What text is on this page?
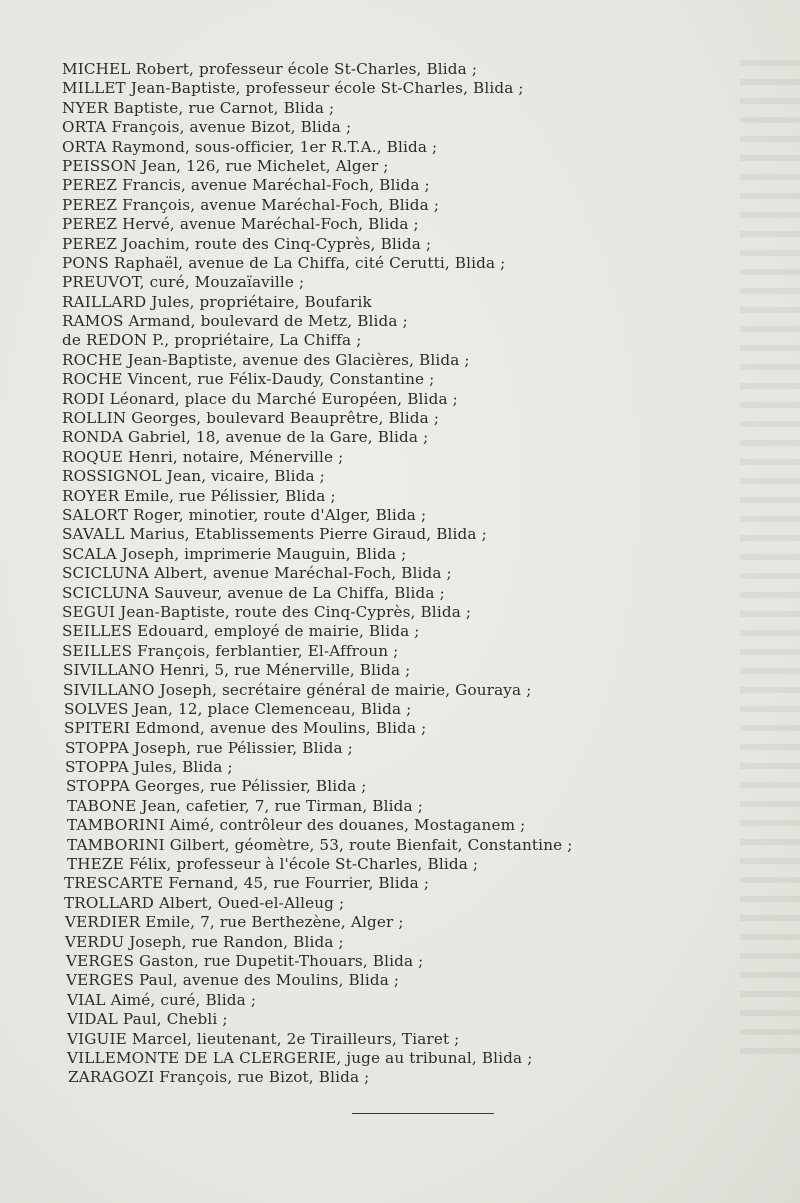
MICHEL Robert, professeur école St-Charles, Blida ;
MILLET Jean-Baptiste, professeur école St-Charles, Blida ;
NYER Baptiste, rue Carnot, Blida ;
ORTA François, avenue Bizot, Blida ;
ORTA Raymond, sous-officier, 1er R.T.A., Blida ;
PEISSON Jean, 126, rue Michelet, Alger ;
PEREZ Francis, avenue Maréchal-Foch, Blida ;
PEREZ François, avenue Maréchal-Foch, Blida ;
PEREZ Hervé, avenue Maréchal-Foch, Blida ;
PEREZ Joachim, route des Cinq-Cyprès, Blida ;
PONS Raphaël, avenue de La Chiffa, cité Cerutti, Blida ;
PREUVOT, curé, Mouzaïaville ;
RAILLARD Jules, propriétaire, Boufarik
RAMOS Armand, boulevard de Metz, Blida ;
de REDON P., propriétaire, La Chiffa ;
ROCHE Jean-Baptiste, avenue des Glacières, Blida ;
ROCHE Vincent, rue Félix-Daudy, Constantine ;
RODI Léonard, place du Marché Européen, Blida ;
ROLLIN Georges, boulevard Beauprêtre, Blida ;
RONDA Gabriel, 18, avenue de la Gare, Blida ;
ROQUE Henri, notaire, Ménerville ;
ROSSIGNOL Jean, vicaire, Blida ;
ROYER Emile, rue Pélissier, Blida ;
SALORT Roger, minotier, route d'Alger, Blida ;
SAVALL Marius, Etablissements Pierre Giraud, Blida ;
SCALA Joseph, imprimerie Mauguin, Blida ;
SCICLUNA Albert, avenue Maréchal-Foch, Blida ;
SCICLUNA Sauveur, avenue de La Chiffa, Blida ;
SEGUI Jean-Baptiste, route des Cinq-Cyprès, Blida ;
SEILLES Edouard, employé de mairie, Blida ;
SEILLES François, ferblantier, El-Affroun ;
SIVILLANO Henri, 5, rue Ménerville, Blida ;
SIVILLANO Joseph, secrétaire général de mairie, Gouraya ;
SOLVES Jean, 12, place Clemenceau, Blida ;
SPITERI Edmond, avenue des Moulins, Blida ;
STOPPA Joseph, rue Pélissier, Blida ;
STOPPA Jules, Blida ;
STOPPA Georges, rue Pélissier, Blida ;
TABONE Jean, cafetier, 7, rue Tirman, Blida ;
TAMBORINI Aimé, contrôleur des douanes, Mostaganem ;
TAMBORINI Gilbert, géomètre, 53, route Bienfait, Constantine ;
THEZE Félix, professeur à l'école St-Charles, Blida ;
TRESCARTE Fernand, 45, rue Fourrier, Blida ;
TROLLARD Albert, Oued-el-Alleug ;
VERDIER Emile, 7, rue Berthezène, Alger ;
VERDU Joseph, rue Randon, Blida ;
VERGES Gaston, rue Dupetit-Thouars, Blida ;
VERGES Paul, avenue des Moulins, Blida ;
VIAL Aimé, curé, Blida ;
VIDAL Paul, Chebli ;
VIGUIE Marcel, lieutenant, 2e Tirailleurs, Tiaret ;
VILLEMONTE DE LA CLERGERIE, juge au tribunal, Blida ;
ZARAGOZI François, rue Bizot, Blida ;
